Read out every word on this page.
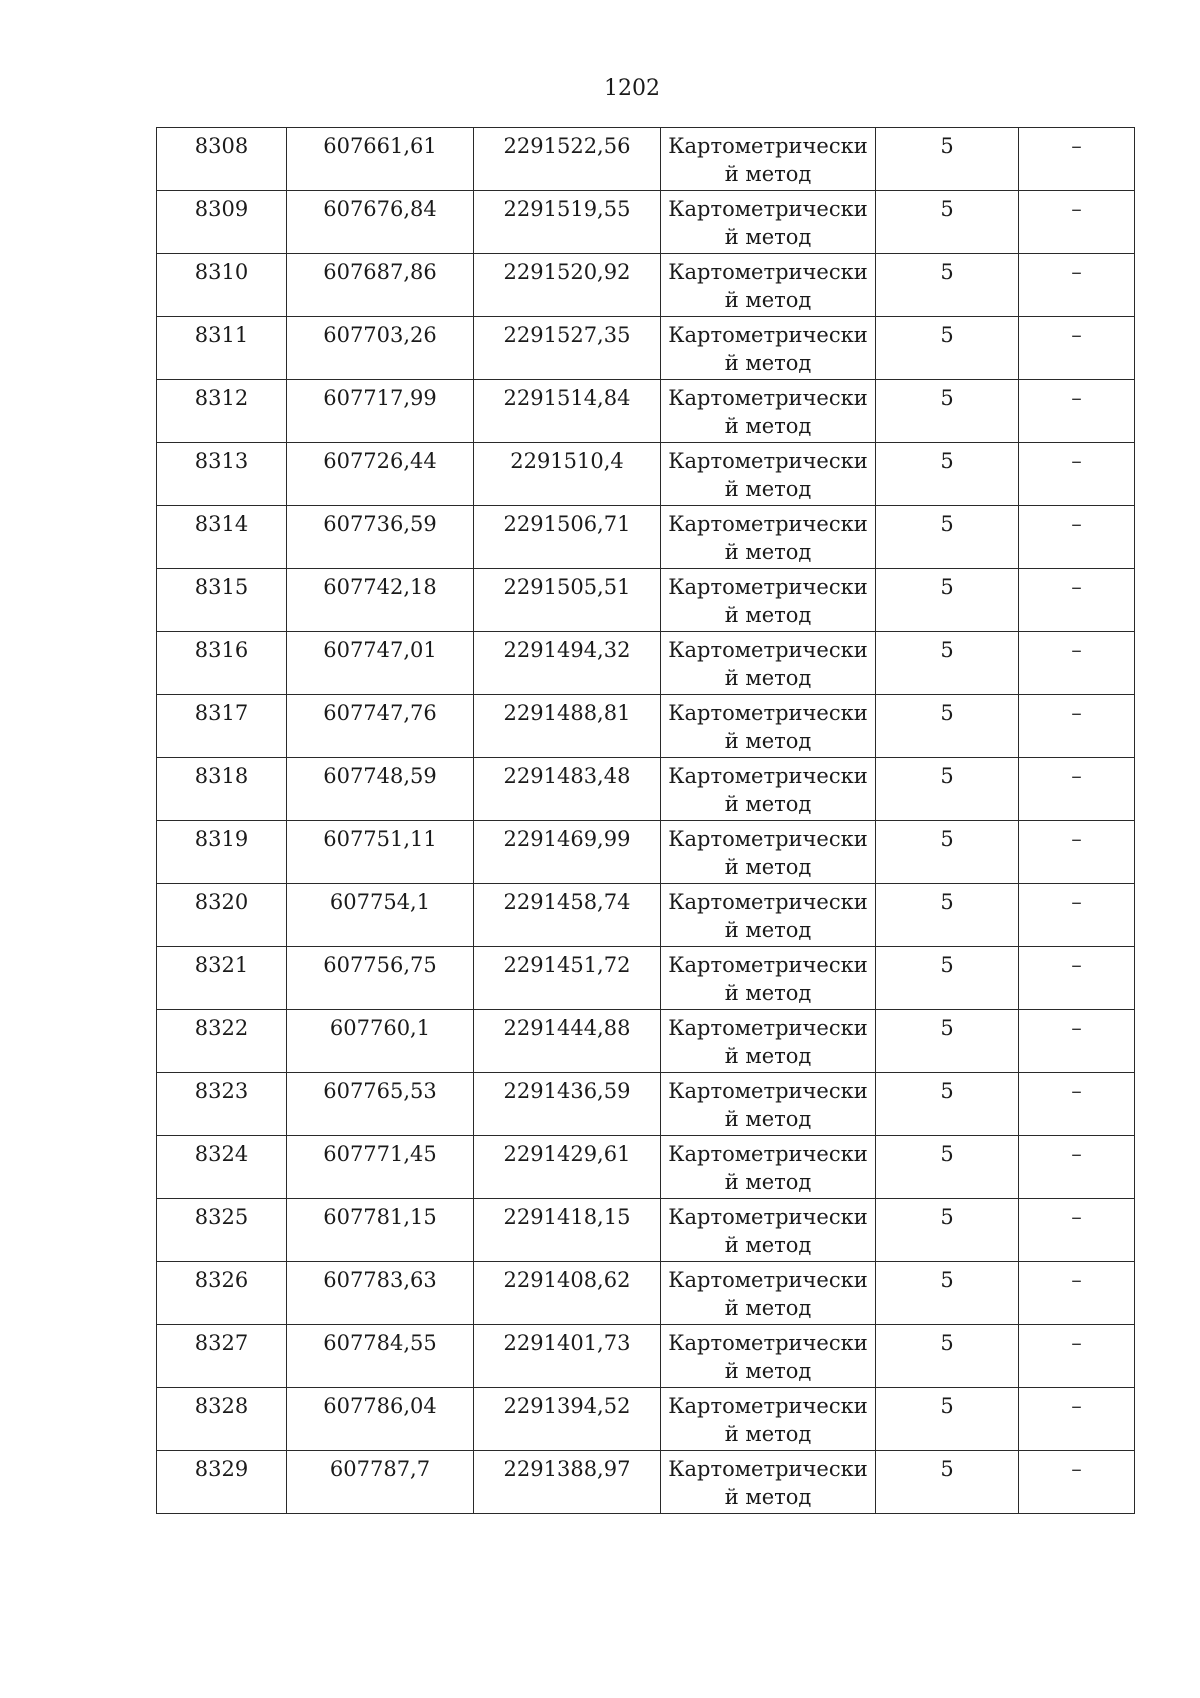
1202
8308	607661,61	2291522,56	Картометрически й метод	5	–

8309	607676,84	2291519,55	Картометрически й метод	5	–

8310	607687,86	2291520,92	Картометрически й метод	5	–

8311	607703,26	2291527,35	Картометрически й метод	5	–

8312	607717,99	2291514,84	Картометрически й метод	5	–

8313	607726,44	2291510,4	Картометрически й метод	5	–

8314	607736,59	2291506,71	Картометрически й метод	5	–

8315	607742,18	2291505,51	Картометрически й метод	5	–

8316	607747,01	2291494,32	Картометрически й метод	5	–

8317	607747,76	2291488,81	Картометрически й метод	5	–

8318	607748,59	2291483,48	Картометрически й метод	5	–

8319	607751,11	2291469,99	Картометрически й метод	5	–

8320	607754,1	2291458,74	Картометрически й метод	5	–

8321	607756,75	2291451,72	Картометрически й метод	5	–

8322	607760,1	2291444,88	Картометрически й метод	5	–

8323	607765,53	2291436,59	Картометрически й метод	5	–

8324	607771,45	2291429,61	Картометрически й метод	5	–

8325	607781,15	2291418,15	Картометрически й метод	5	–

8326	607783,63	2291408,62	Картометрически й метод	5	–

8327	607784,55	2291401,73	Картометрически й метод	5	–

8328	607786,04	2291394,52	Картометрически й метод	5	–

8329	607787,7	2291388,97	Картометрически й метод	5	–
